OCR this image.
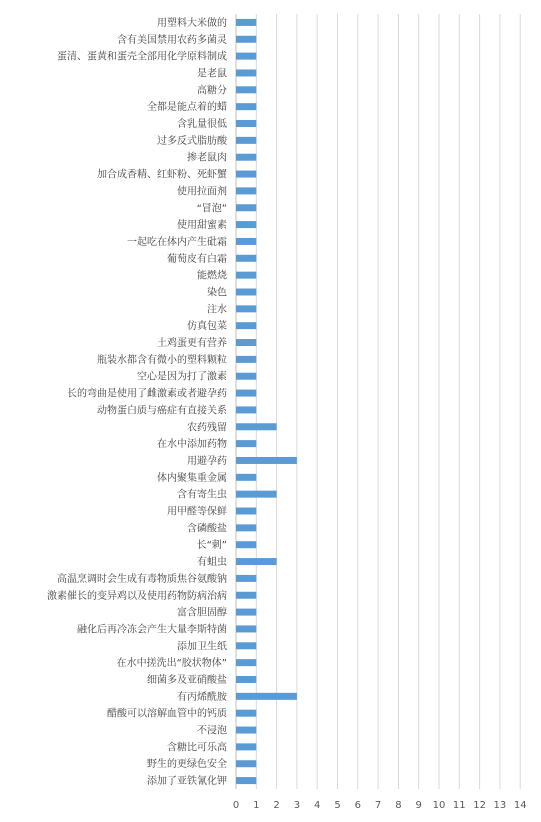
用塑料大米做的
含有美国禁用农药多菌灵
蛋清、蛋黄和蛋壳全部用化学原料制成
是老鼠
高糖分
全都是能点着的蜡
含乳量很低
过多反式脂肪酸
掺老鼠肉
加合成香精、红虾粉、死虾蟹
使用拉面剂
“冒泡”
使用甜蜜素
一起吃在体内产生砒霜
葡萄皮有白霜
能燃烧
染色
注水
仿真包菜
土鸡蛋更有营养
瓶装水都含有微小的塑料颗粒
空心是因为打了激素
长的弯曲是使用了雌激素或者避孕药
动物蛋白质与癌症有直接关系
农药残留
在水中添加药物
用避孕药
体内聚集重金属
含有寄生虫
用甲醛等保鲜
含磷酸盐
长“刺”
有蛆虫
高温烹调时会生成有毒物质焦谷氨酸钠
激素催长的变异鸡以及使用药物防病治病
富含胆固醇
融化后再冷冻会产生大量李斯特菌
添加卫生纸
在水中搓洗出“胶状物体”
细菌多及亚硝酸盐
有丙烯酰胺
醋酸可以溶解血管中的钙质
不浸泡
含糖比可乐高
野生的更绿色安全
添加了亚铁氰化钾
0 1 2 3 4 5 6 7 8 9 10 11 12 13 14
